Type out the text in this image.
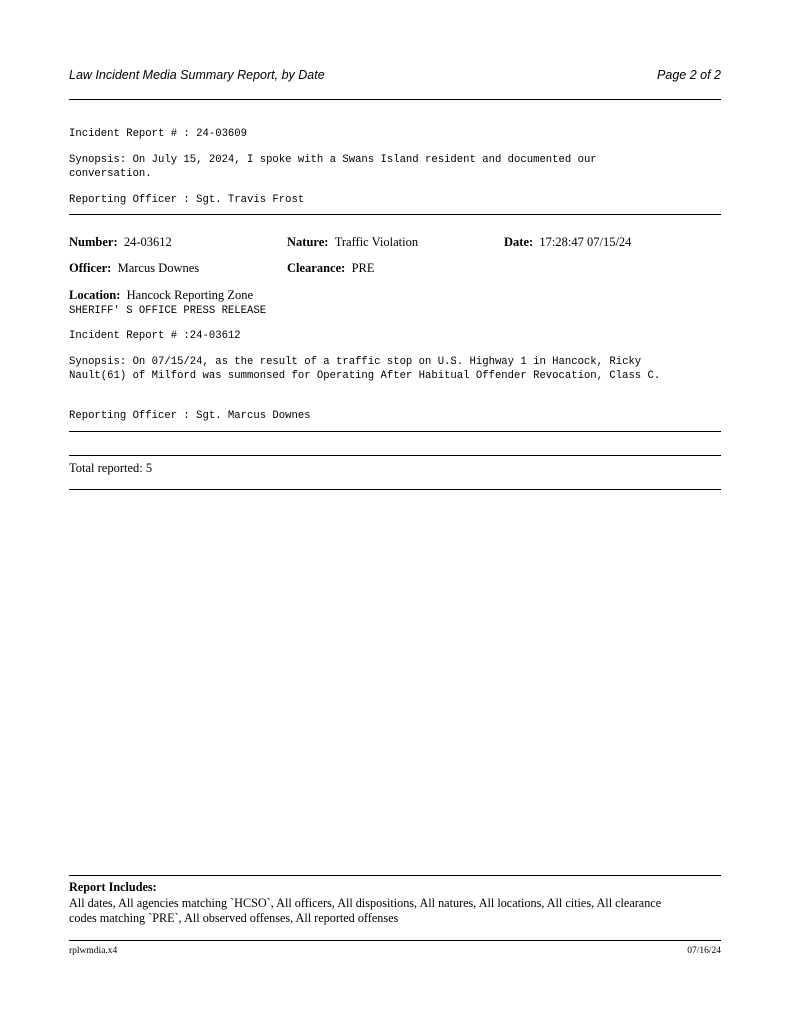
Law Incident Media Summary Report, by Date	Page 2 of 2
Incident Report # : 24-03609
Synopsis: On July 15, 2024, I spoke with a Swans Island resident and documented our
conversation.
Reporting Officer : Sgt. Travis Frost
Number: 24-03612	Nature: Traffic Violation	Date: 17:28:47 07/15/24
Officer: Marcus Downes	Clearance: PRE
Location: Hancock Reporting Zone
SHERIFF' S OFFICE PRESS RELEASE
Incident Report # :24-03612
Synopsis: On 07/15/24, as the result of a traffic stop on U.S. Highway 1 in Hancock, Ricky
Nault(61) of Milford was summonsed for Operating After Habitual Offender Revocation, Class C.
Reporting Officer : Sgt. Marcus Downes
Total reported: 5
Report Includes:
All dates, All agencies matching `HCSO`, All officers, All dispositions, All natures, All locations, All cities, All clearance
codes matching `PRE`, All observed offenses, All reported offenses
rplwmdia.x4	07/16/24
